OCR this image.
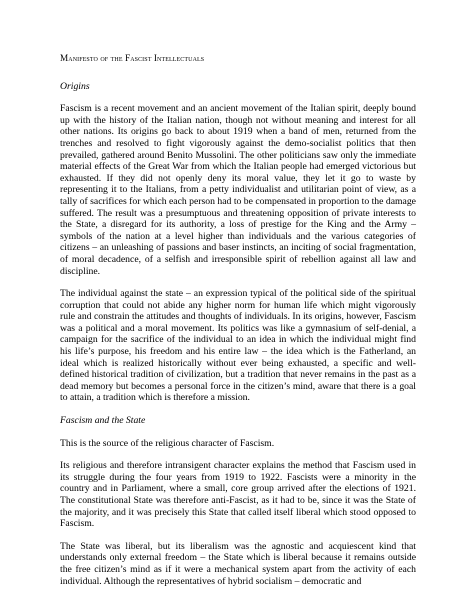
Manifesto of the Fascist Intellectuals
Origins

Fascism is a recent movement and an ancient movement of the Italian spirit, deeply bound up with the history of the Italian nation, though not without meaning and interest for all other nations. Its origins go back to about 1919 when a band of men, returned from the trenches and resolved to fight vigorously against the demo-socialist politics that then prevailed, gathered around Benito Mussolini. The other politicians saw only the immediate material effects of the Great War from which the Italian people had emerged victorious but exhausted. If they did not openly deny its moral value, they let it go to waste by representing it to the Italians, from a petty individualist and utilitarian point of view, as a tally of sacrifices for which each person had to be compensated in proportion to the damage suffered. The result was a presumptuous and threatening opposition of private interests to the State, a disregard for its authority, a loss of prestige for the King and the Army – symbols of the nation at a level higher than individuals and the various categories of citizens – an unleashing of passions and baser instincts, an inciting of social fragmentation, of moral decadence, of a selfish and irresponsible spirit of rebellion against all law and discipline.

The individual against the state – an expression typical of the political side of the spiritual corruption that could not abide any higher norm for human life which might vigorously rule and constrain the attitudes and thoughts of individuals. In its origins, however, Fascism was a political and a moral movement. Its politics was like a gymnasium of self-denial, a campaign for the sacrifice of the individual to an idea in which the individual might find his life’s purpose, his freedom and his entire law – the idea which is the Fatherland, an ideal which is realized historically without ever being exhausted, a specific and well-defined historical tradition of civilization, but a tradition that never remains in the past as a dead memory but becomes a personal force in the citizen’s mind, aware that there is a goal to attain, a tradition which is therefore a mission.

Fascism and the State

This is the source of the religious character of Fascism.

Its religious and therefore intransigent character explains the method that Fascism used in its struggle during the four years from 1919 to 1922. Fascists were a minority in the country and in Parliament, where a small, core group arrived after the elections of 1921. The constitutional State was therefore anti-Fascist, as it had to be, since it was the State of the majority, and it was precisely this State that called itself liberal which stood opposed to Fascism.

The State was liberal, but its liberalism was the agnostic and acquiescent kind that understands only external freedom – the State which is liberal because it remains outside the free citizen’s mind as if it were a mechanical system apart from the activity of each individual. Although the representatives of hybrid socialism – democratic and
